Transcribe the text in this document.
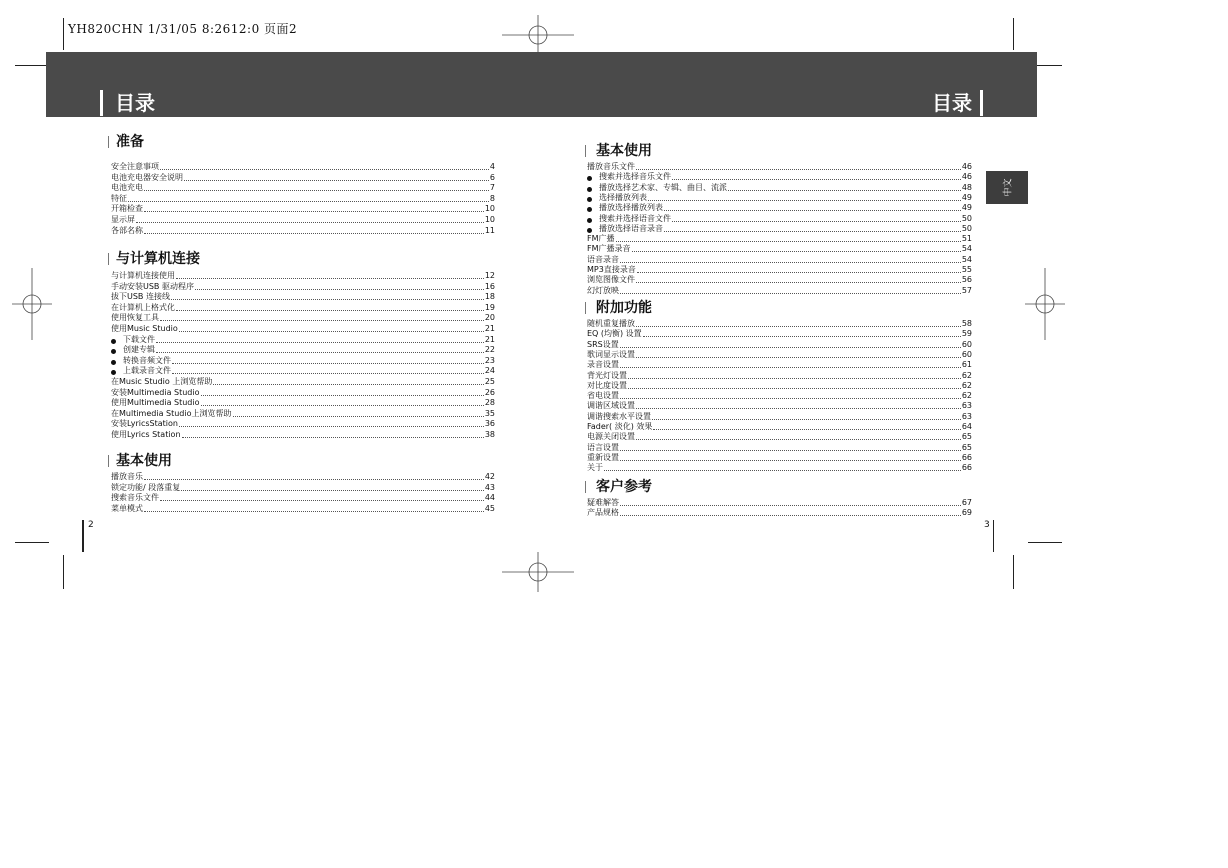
YH820CHN 1/31/05 8:2612:0 页面2
目录	目录
中文
2	3
准备
安全注意事项	4
电池充电器安全说明	6
电池充电	7
特征	8
开箱检查	10
显示屏	10
各部名称	11
与计算机连接
与计算机连接使用	12
手动安装USB 驱动程序	16
拔下USB 连接线	18
在计算机上格式化	19
使用恢复工具	20
使用Music Studio	21
下载文件	21
创建专辑	22
转换音频文件	23
上载录音文件	24
在Music Studio 上浏览帮助	25
安装Multimedia Studio	26
使用Multimedia Studio	28
在Multimedia Studio上浏览帮助	35
安装LyricsStation	36
使用Lyrics Station	38
基本使用
播放音乐	42
锁定功能/ 段落重复	43
搜索音乐文件	44
菜单模式	45
基本使用
播放音乐文件	46
搜索并选择音乐文件	46
播放选择艺术家、专辑、曲目、流派	48
选择播放列表	49
播放选择播放列表	49
搜索并选择语音文件	50
播放选择语音录音	50
FM广播	51
FM广播录音	54
语音录音	54
MP3直接录音	55
浏览图像文件	56
幻灯放映	57
附加功能
随机重复播放	58
EQ (均衡) 设置	59
SRS设置	60
歌词显示设置	60
录音设置	61
背光灯设置	62
对比度设置	62
省电设置	62
调谐区域设置	63
调谐搜索水平设置	63
Fader( 淡化) 效果	64
电源关闭设置	65
语言设置	65
重新设置	66
关于	66
客户参考
疑难解答	67
产品规格	69
